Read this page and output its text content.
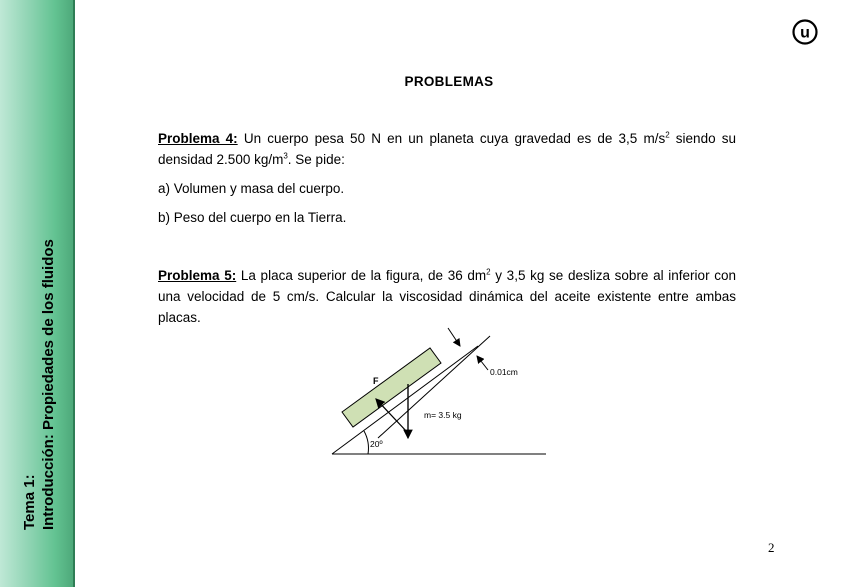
Tema 1: Introducción: Propiedades de los fluidos
u
PROBLEMAS

Problema 4: Un cuerpo pesa 50 N en un planeta cuya gravedad es de 3,5 $m/s^2$ siendo su densidad 2.500 $kg/m^3$. Se pide:

a) Volumen y masa del cuerpo.

b) Peso del cuerpo en la Tierra.

Problema 5: La placa superior de la figura, de 36 $dm^2$ y 3,5 kg se desliza sobre al inferior con una velocidad de 5 cm/s. Calcular la viscosidad dinámica del aceite existente entre ambas placas.

F
0.01cm
m= 3.5 kg
20º
2
